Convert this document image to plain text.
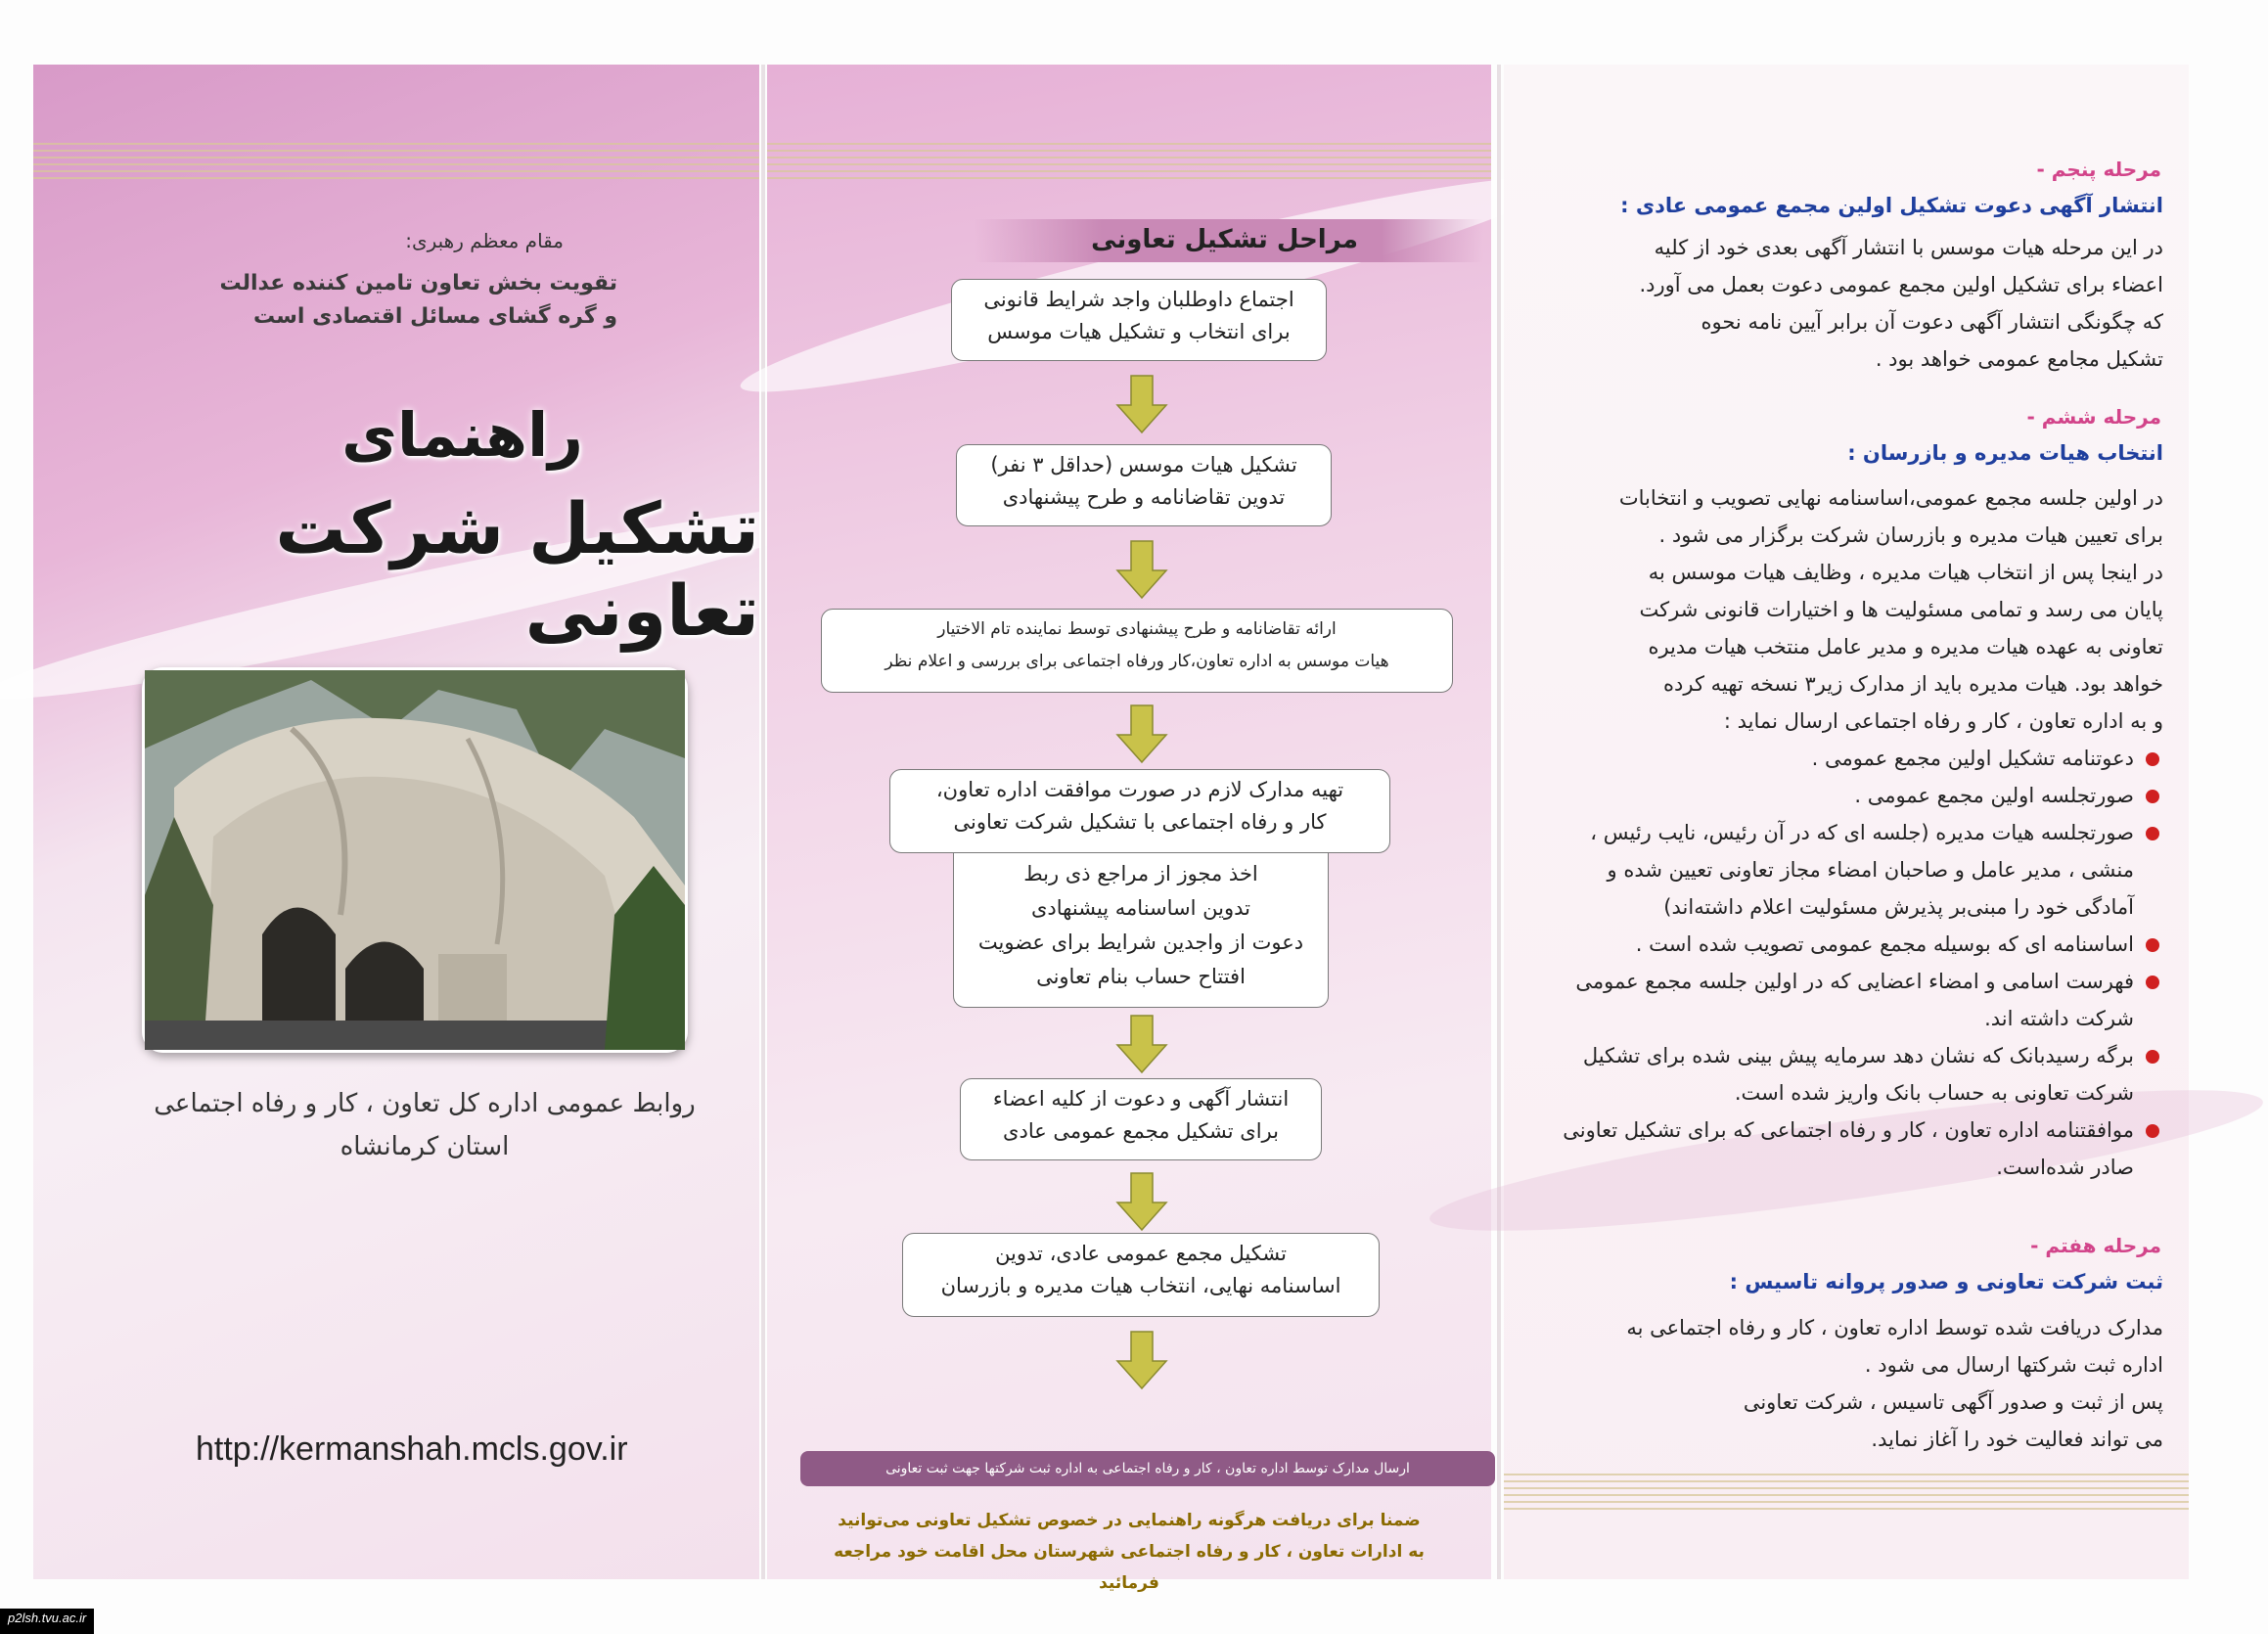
مقام معظم رهبری:
تقویت بخش تعاون تامین کننده عدالت
و گره گشای مسائل اقتصادی است
راهنمای
تشکیل شرکت تعاونی
روابط عمومی اداره کل تعاون ، کار و رفاه اجتماعی
استان کرمانشاه
http://kermanshah.mcls.gov.ir
مراحل تشکیل تعاونی
اجتماع داوطلبان واجد شرایط قانونی
برای انتخاب و تشکیل هیات موسس
تشکیل هیات موسس (حداقل ۳ نفر)
تدوین تقاضانامه و طرح پیشنهادی
ارائه تقاضانامه و طرح پیشنهادی توسط نماینده تام الاختیار
هیات موسس به اداره تعاون،کار ورفاه اجتماعی برای بررسی و اعلام نظر
تهیه مدارک لازم در صورت موافقت اداره تعاون،
کار و رفاه اجتماعی با تشکیل شرکت تعاونی
اخذ مجوز از مراجع ذی ربط
تدوین اساسنامه پیشنهادی
دعوت از واجدین شرایط برای عضویت
افتتاح حساب بنام تعاونی
انتشار آگهی و دعوت از کلیه اعضاء
برای تشکیل مجمع عمومی عادی
تشکیل مجمع عمومی عادی، تدوین
اساسنامه نهایی، انتخاب هیات مدیره و بازرسان
ارسال مدارک توسط اداره تعاون ، کار و رفاه اجتماعی به اداره ثبت شرکتها جهت ثبت تعاونی
ضمنا برای دریافت هرگونه راهنمایی در خصوص تشکیل تعاونی می‌توانید
به ادارات تعاون ، کار و رفاه اجتماعی شهرستان محل اقامت خود مراجعه فرمائید
مرحله پنجم -
انتشار آگهی دعوت تشکیل اولین مجمع عمومی عادی :
در این مرحله هیات موسس با انتشار آگهی بعدی خود از کلیه
اعضاء برای تشکیل اولین مجمع عمومی دعوت بعمل می آورد.
که چگونگی انتشار آگهی دعوت آن برابر آیین نامه نحوه
تشکیل مجامع عمومی خواهد بود .
مرحله ششم -
انتخاب هیات مدیره و بازرسان :
در اولین جلسه مجمع عمومی،اساسنامه نهایی تصویب و انتخابات
برای تعیین هیات مدیره و بازرسان شرکت برگزار می شود .
در اینجا پس از انتخاب هیات مدیره ، وظایف هیات موسس به
پایان می رسد و تمامی مسئولیت ها و اختیارات قانونی شرکت
تعاونی به عهده هیات مدیره و مدیر عامل منتخب هیات مدیره
خواهد بود. هیات مدیره باید از مدارک زیر۳ نسخه تهیه کرده
و به اداره تعاون ، کار و رفاه اجتماعی ارسال نماید :
دعوتنامه تشکیل اولین مجمع عمومی .
صورتجلسه اولین مجمع عمومی .
صورتجلسه هیات مدیره (جلسه ای که در آن رئیس، نایب رئیس ، منشی ، مدیر عامل و صاحبان امضاء مجاز تعاونی تعیین شده و آمادگی خود را مبنی‌بر پذیرش مسئولیت اعلام داشته‌اند)
اساسنامه ای که بوسیله مجمع عمومی تصویب شده است .
فهرست اسامی و امضاء اعضایی که در اولین جلسه مجمع عمومی شرکت داشته اند.
برگه رسیدبانک که نشان دهد سرمایه پیش بینی شده برای تشکیل شرکت تعاونی به حساب بانک واریز شده است.
موافقتنامه اداره تعاون ، کار و رفاه اجتماعی که برای تشکیل تعاونی صادر شده‌است.
مرحله هفتم -
ثبت شرکت تعاونی و صدور پروانه تاسیس :
مدارک دریافت شده توسط اداره تعاون ، کار و رفاه اجتماعی به
اداره ثبت شرکتها ارسال می شود .
پس از ثبت و صدور آگهی تاسیس ، شرکت تعاونی
می تواند فعالیت خود را آغاز نماید.
p2lsh.tvu.ac.ir
